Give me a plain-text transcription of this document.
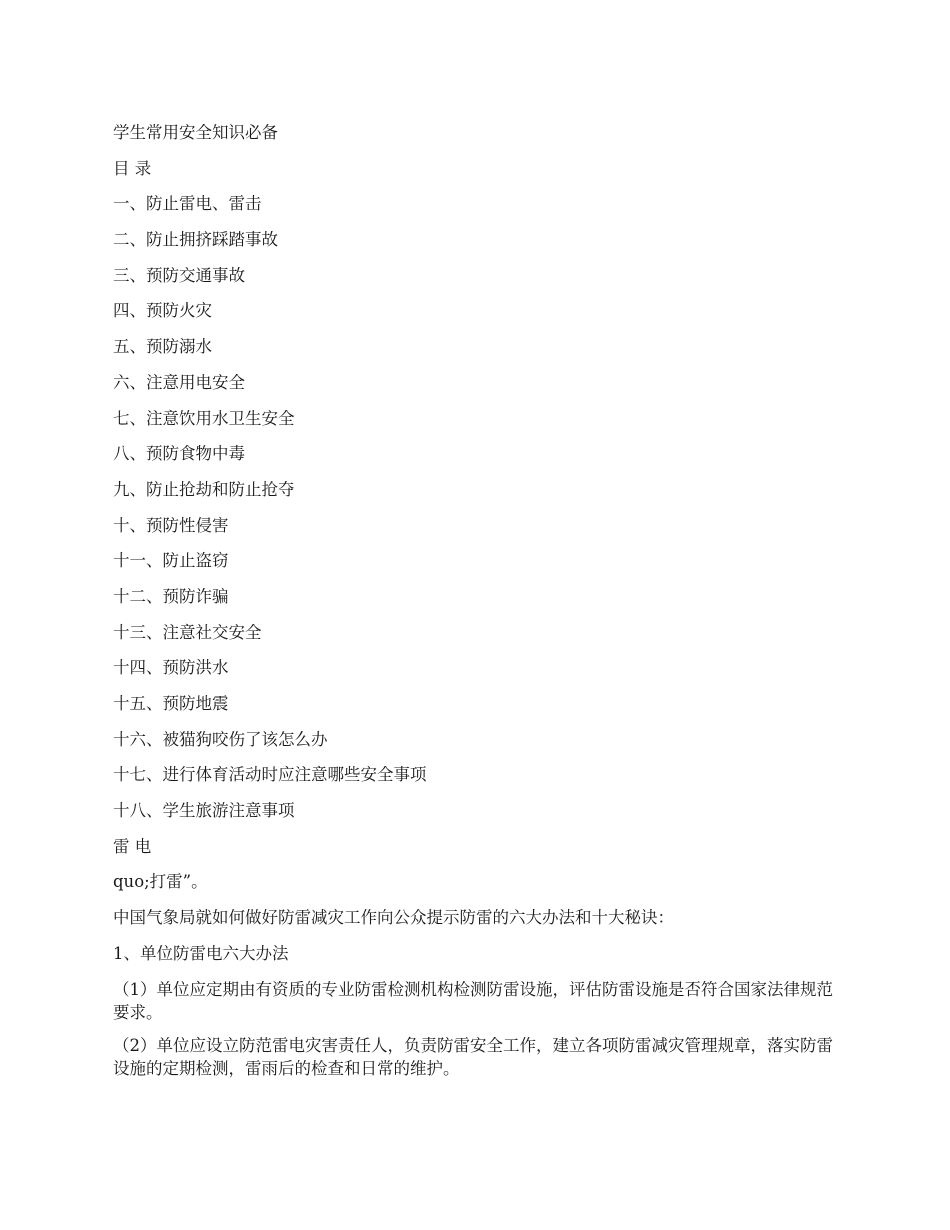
学生常用安全知识必备
目 录
一、防止雷电、雷击
二、防止拥挤踩踏事故
三、预防交通事故
四、预防火灾
五、预防溺水
六、注意用电安全
七、注意饮用水卫生安全
八、预防食物中毒
九、防止抢劫和防止抢夺
十、预防性侵害
十一、防止盗窃
十二、预防诈骗
十三、注意社交安全
十四、预防洪水
十五、预防地震
十六、被猫狗咬伤了该怎么办
十七、进行体育活动时应注意哪些安全事项
十八、学生旅游注意事项
雷 电
quo;打雷”。
中国气象局就如何做好防雷减灾工作向公众提示防雷的六大办法和十大秘诀：
1、单位防雷电六大办法
（1）单位应定期由有资质的专业防雷检测机构检测防雷设施，评估防雷设施是否符合国家法律规范要求。
（2）单位应设立防范雷电灾害责任人，负责防雷安全工作，建立各项防雷减灾管理规章，落实防雷设施的定期检测，雷雨后的检查和日常的维护。
